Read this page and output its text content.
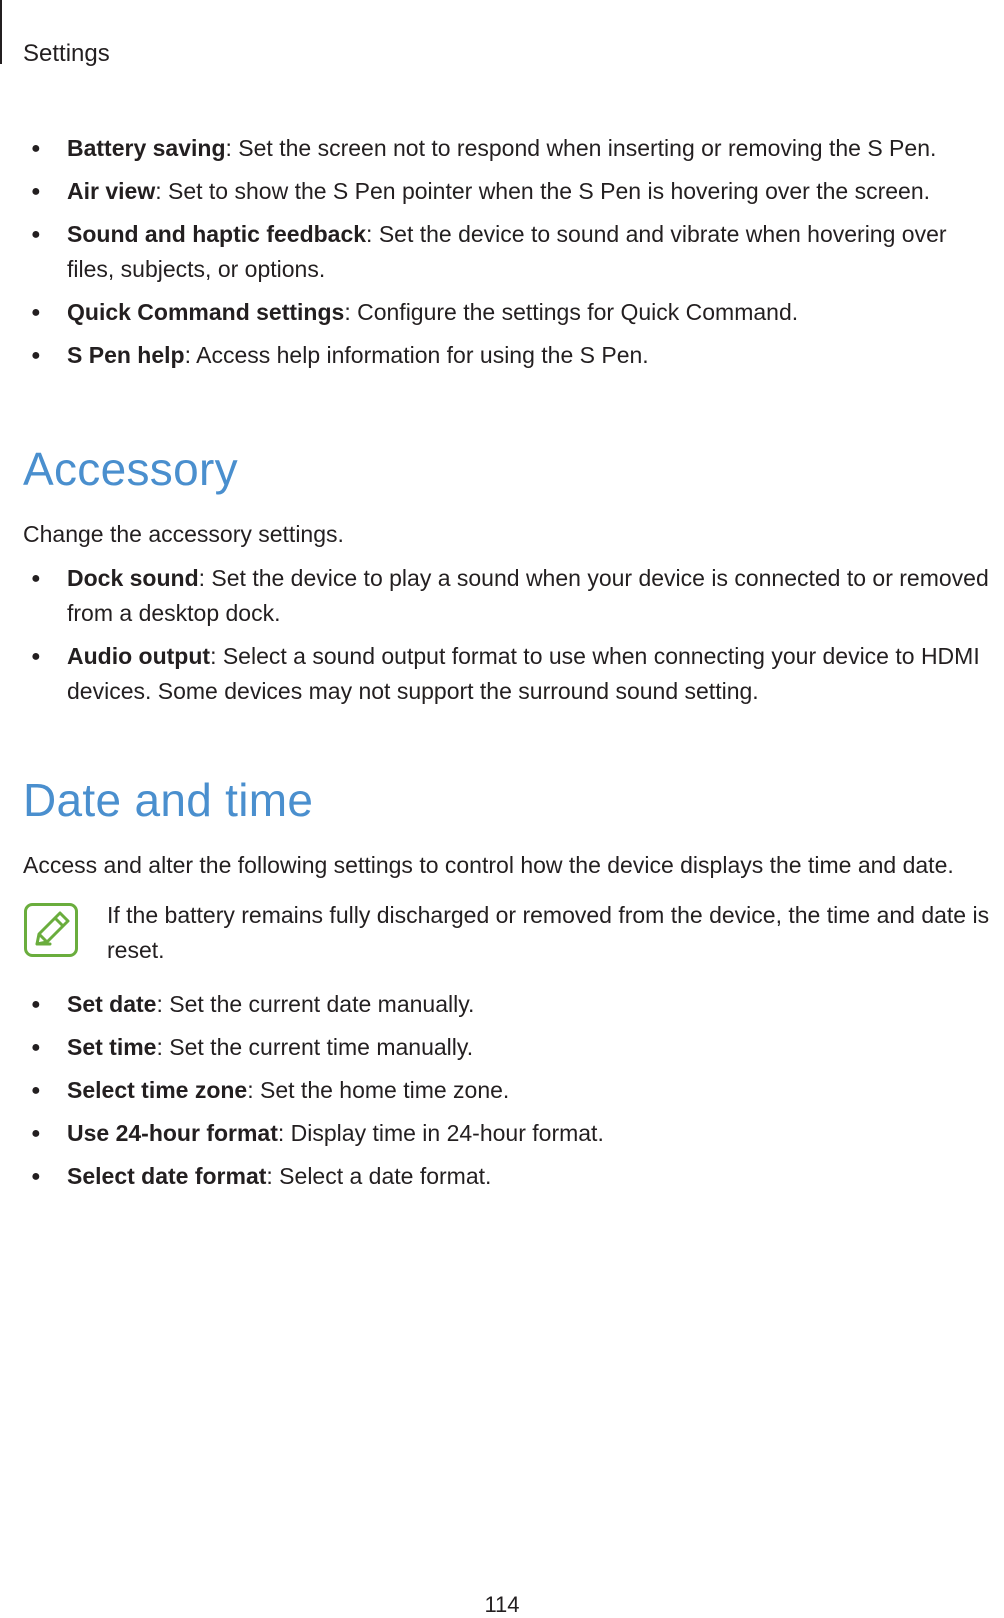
Settings
● Battery saving: Set the screen not to respond when inserting or removing the S Pen.
● Air view: Set to show the S Pen pointer when the S Pen is hovering over the screen.
● Sound and haptic feedback: Set the device to sound and vibrate when hovering over files, subjects, or options.
● Quick Command settings: Configure the settings for Quick Command.
● S Pen help: Access help information for using the S Pen.
Accessory

Change the accessory settings.

● Dock sound: Set the device to play a sound when your device is connected to or removed from a desktop dock.
● Audio output: Select a sound output format to use when connecting your device to HDMI devices. Some devices may not support the surround sound setting.
Date and time

Access and alter the following settings to control how the device displays the time and date.

If the battery remains fully discharged or removed from the device, the time and date is reset.

● Set date: Set the current date manually.
● Set time: Set the current time manually.
● Select time zone: Set the home time zone.
● Use 24-hour format: Display time in 24-hour format.
● Select date format: Select a date format.
114
